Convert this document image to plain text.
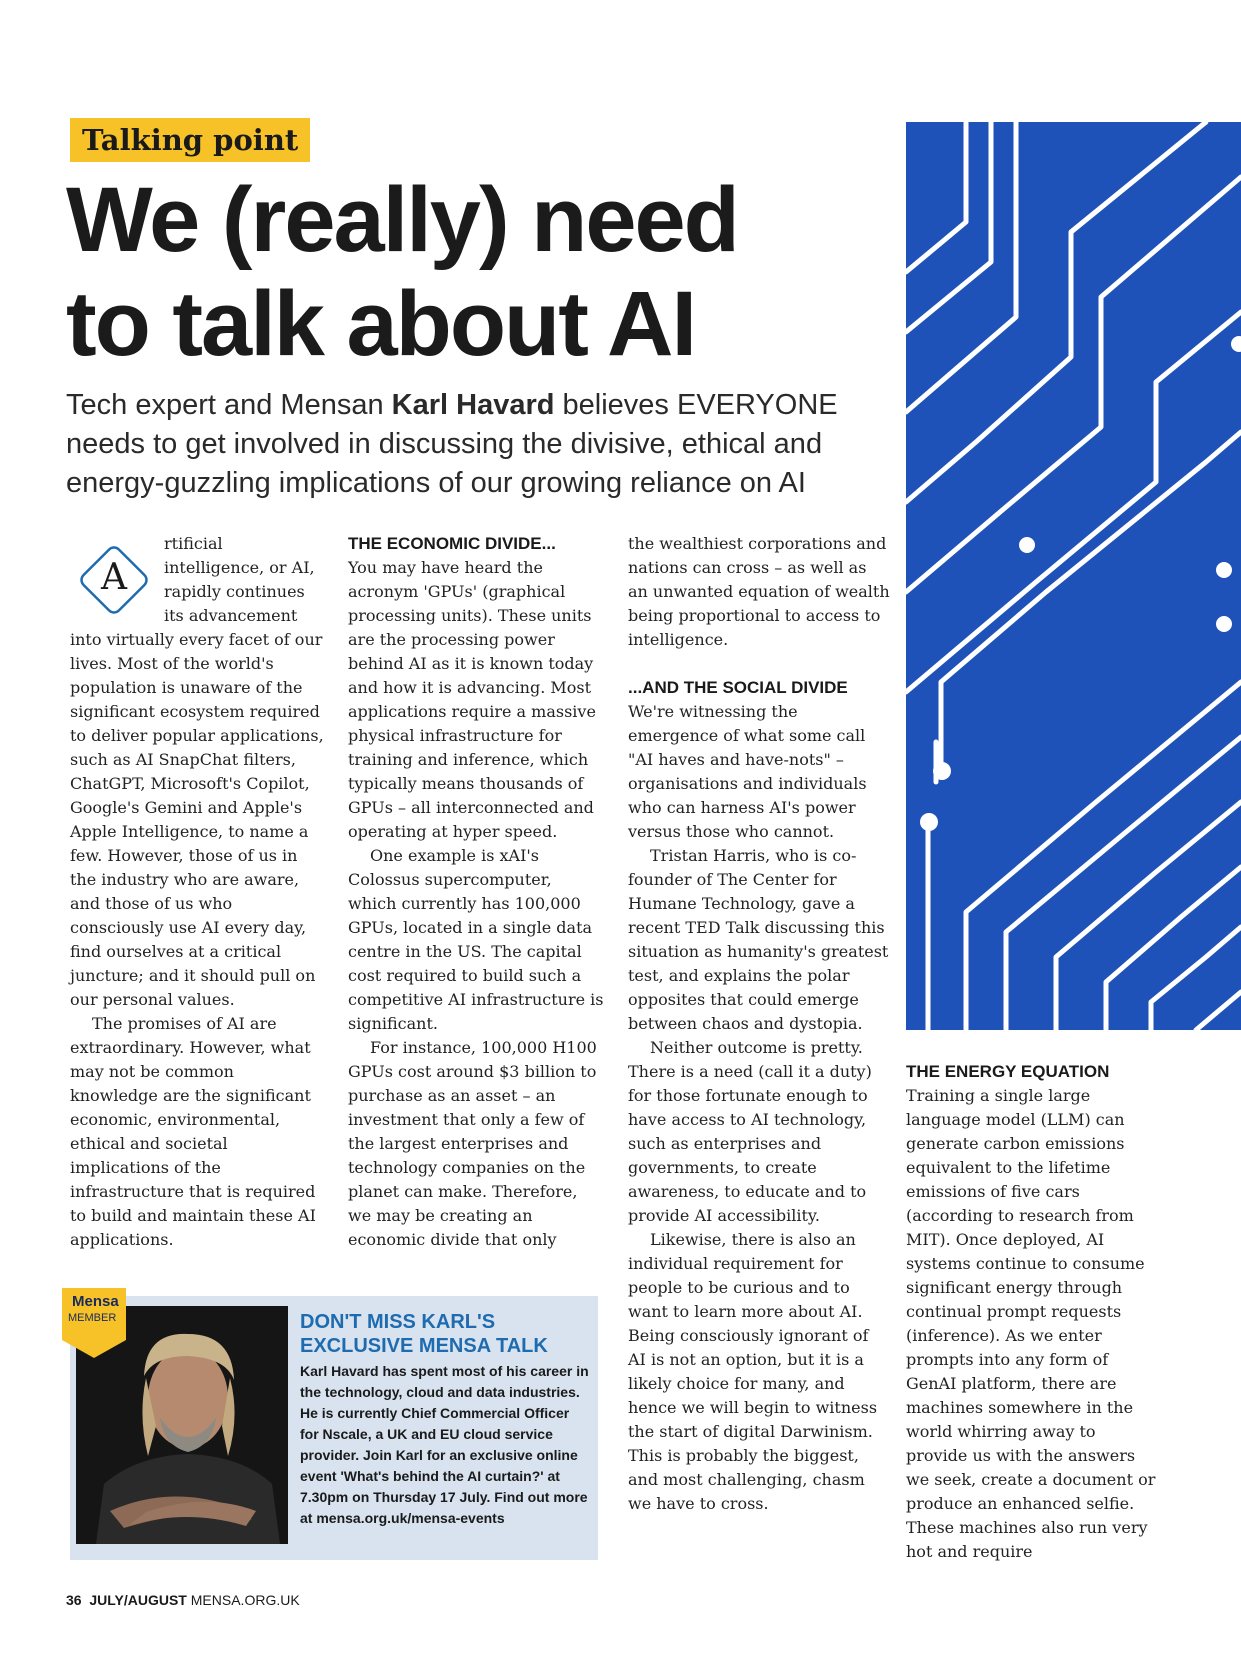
Talking point
We (really) need to talk about AI

Tech expert and Mensan Karl Havard believes EVERYONE needs to get involved in discussing the divisive, ethical and energy-guzzling implications of our growing reliance on AI

A

rtificial intelligence, or AI, rapidly continues its advancement into virtually every facet of our lives. Most of the world's population is unaware of the significant ecosystem required to deliver popular applications, such as AI SnapChat filters, ChatGPT, Microsoft's Copilot, Google's Gemini and Apple's Apple Intelligence, to name a few. However, those of us in the industry who are aware, and those of us who consciously use AI every day, find ourselves at a critical juncture; and it should pull on our personal values.

The promises of AI are extraordinary. However, what may not be common knowledge are the significant economic, environmental, ethical and societal implications of the infrastructure that is required to build and maintain these AI applications.

THE ECONOMIC DIVIDE...

You may have heard the acronym 'GPUs' (graphical processing units). These units are the processing power behind AI as it is known today and how it is advancing. Most applications require a massive physical infrastructure for training and inference, which typically means thousands of GPUs – all interconnected and operating at hyper speed.

One example is xAI's Colossus supercomputer, which currently has 100,000 GPUs, located in a single data centre in the US. The capital cost required to build such a competitive AI infrastructure is significant.

For instance, 100,000 H100 GPUs cost around $3 billion to purchase as an asset – an investment that only a few of the largest enterprises and technology companies on the planet can make. Therefore, we may be creating an economic divide that only

the wealthiest corporations and nations can cross – as well as an unwanted equation of wealth being proportional to access to intelligence.

...AND THE SOCIAL DIVIDE

We're witnessing the emergence of what some call "AI haves and have-nots" – organisations and individuals who can harness AI's power versus those who cannot.

Tristan Harris, who is co-founder of The Center for Humane Technology, gave a recent TED Talk discussing this situation as humanity's greatest test, and explains the polar opposites that could emerge between chaos and dystopia.

Neither outcome is pretty. There is a need (call it a duty) for those fortunate enough to have access to AI technology, such as enterprises and governments, to create awareness, to educate and to provide AI accessibility.

Likewise, there is also an individual requirement for people to be curious and to want to learn more about AI. Being consciously ignorant of AI is not an option, but it is a likely choice for many, and hence we will begin to witness the start of digital Darwinism. This is probably the biggest, and most challenging, chasm we have to cross.

THE ENERGY EQUATION

Training a single large language model (LLM) can generate carbon emissions equivalent to the lifetime emissions of five cars (according to research from MIT). Once deployed, AI systems continue to consume significant energy through continual prompt requests (inference). As we enter prompts into any form of GenAI platform, there are machines somewhere in the world whirring away to provide us with the answers we seek, create a document or produce an enhanced selfie. These machines also run very hot and require

Mensa
MEMBER	DON'T MISS KARL'S EXCLUSIVE MENSA TALK

Karl Havard has spent most of his career in the technology, cloud and data industries. He is currently Chief Commercial Officer for Nscale, a UK and EU cloud service provider. Join Karl for an exclusive online event 'What's behind the AI curtain?' at 7.30pm on Thursday 17 July. Find out more at mensa.org.uk/mensa-events

36 JULY/AUGUST MENSA.ORG.UK
